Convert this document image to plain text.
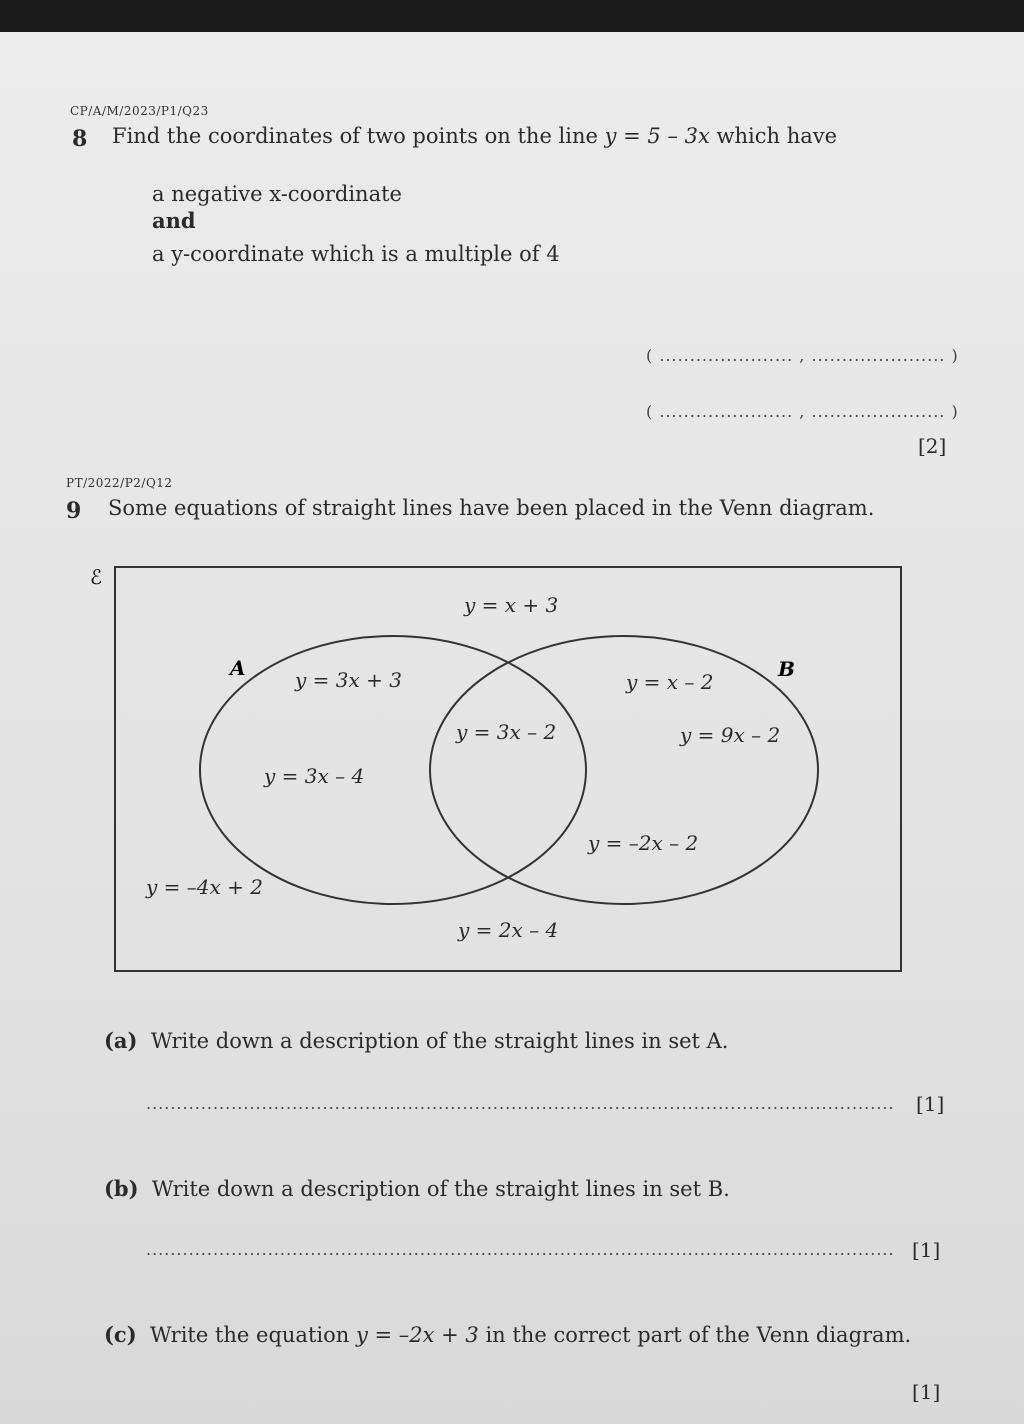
CP/A/M/2023/P1/Q23
8 Find the coordinates of two points on the line y = 5 – 3x which have
a negative x-coordinate
and
a y-coordinate which is a multiple of 4
( ...................... , ...................... )
( ...................... , ...................... )
[2]
PT/2022/P2/Q12
9 Some equations of straight lines have been placed in the Venn diagram.
ℰ
A	B
y = x + 3
y = –4x + 2
y = 2x – 4
y = 3x + 3
y = 3x – 4
y = 3x – 2
y = x – 2
y = 9x – 2
y = –2x – 2
(a) Write down a description of the straight lines in set A.
...........................................................................................................................	[1]
(b) Write down a description of the straight lines in set B.
........................................................................................................................... [1]
(c) Write the equation y = –2x + 3 in the correct part of the Venn diagram.
[1]
